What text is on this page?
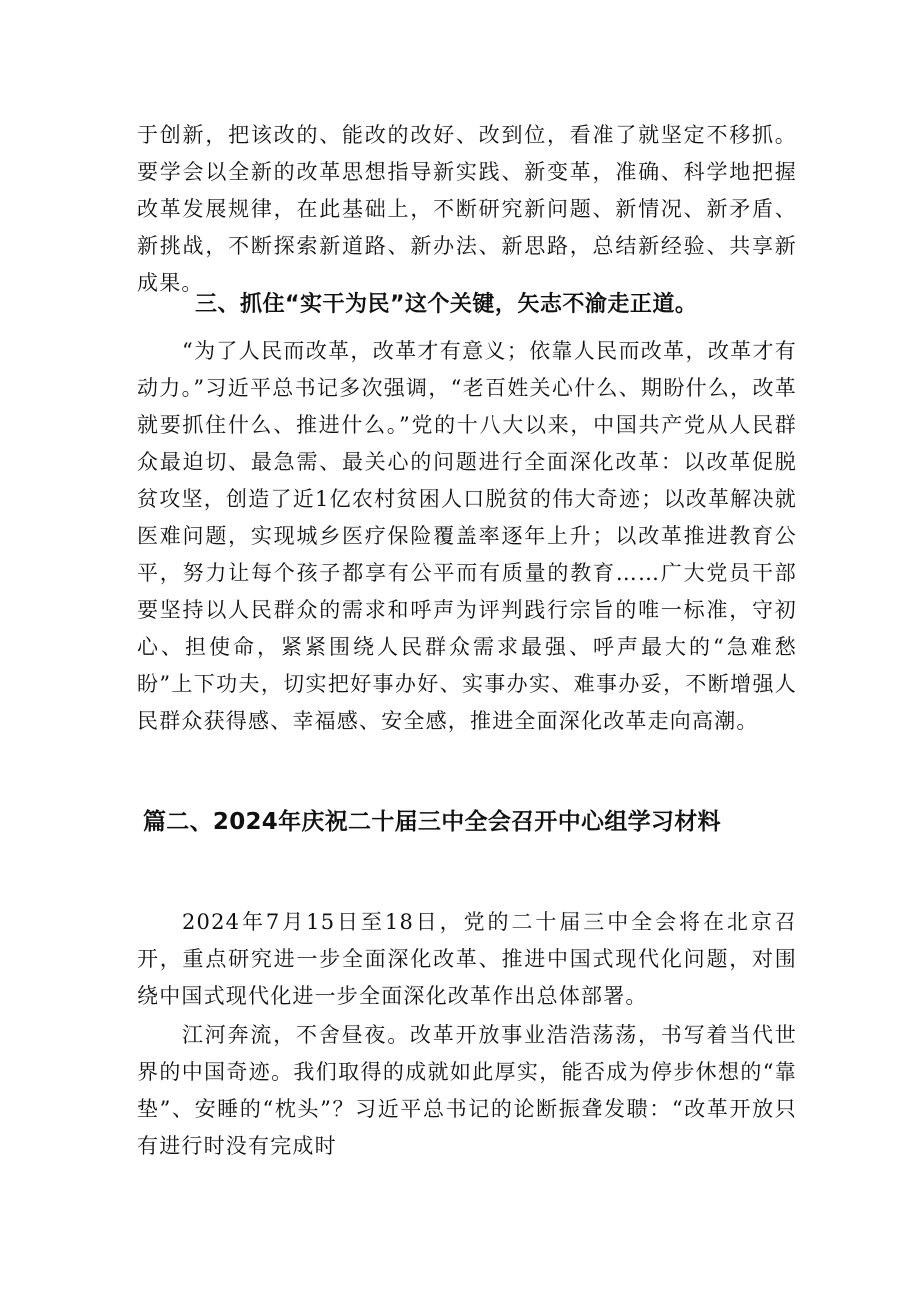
于创新，把该改的、能改的改好、改到位，看准了就坚定不移抓。要学会以全新的改革思想指导新实践、新变革，准确、科学地把握改革发展规律，在此基础上，不断研究新问题、新情况、新矛盾、新挑战，不断探索新道路、新办法、新思路，总结新经验、共享新成果。
三、抓住“实干为民”这个关键，矢志不渝走正道。
“为了人民而改革，改革才有意义；依靠人民而改革，改革才有动力。”习近平总书记多次强调，“老百姓关心什么、期盼什么，改革就要抓住什么、推进什么。”党的十八大以来，中国共产党从人民群众最迫切、最急需、最关心的问题进行全面深化改革：以改革促脱贫攻坚，创造了近1亿农村贫困人口脱贫的伟大奇迹；以改革解决就医难问题，实现城乡医疗保险覆盖率逐年上升；以改革推进教育公平，努力让每个孩子都享有公平而有质量的教育……广大党员干部要坚持以人民群众的需求和呼声为评判践行宗旨的唯一标准，守初心、担使命，紧紧围绕人民群众需求最强、呼声最大的“急难愁盼”上下功夫，切实把好事办好、实事办实、难事办妥，不断增强人民群众获得感、幸福感、安全感，推进全面深化改革走向高潮。
篇二、2024年庆祝二十届三中全会召开中心组学习材料
2024年7月15日至18日，党的二十届三中全会将在北京召开，重点研究进一步全面深化改革、推进中国式现代化问题，对围绕中国式现代化进一步全面深化改革作出总体部署。
江河奔流，不舍昼夜。改革开放事业浩浩荡荡，书写着当代世界的中国奇迹。我们取得的成就如此厚实，能否成为停步休想的“靠垫”、安睡的“枕头”？习近平总书记的论断振聋发聩：“改革开放只有进行时没有完成时
